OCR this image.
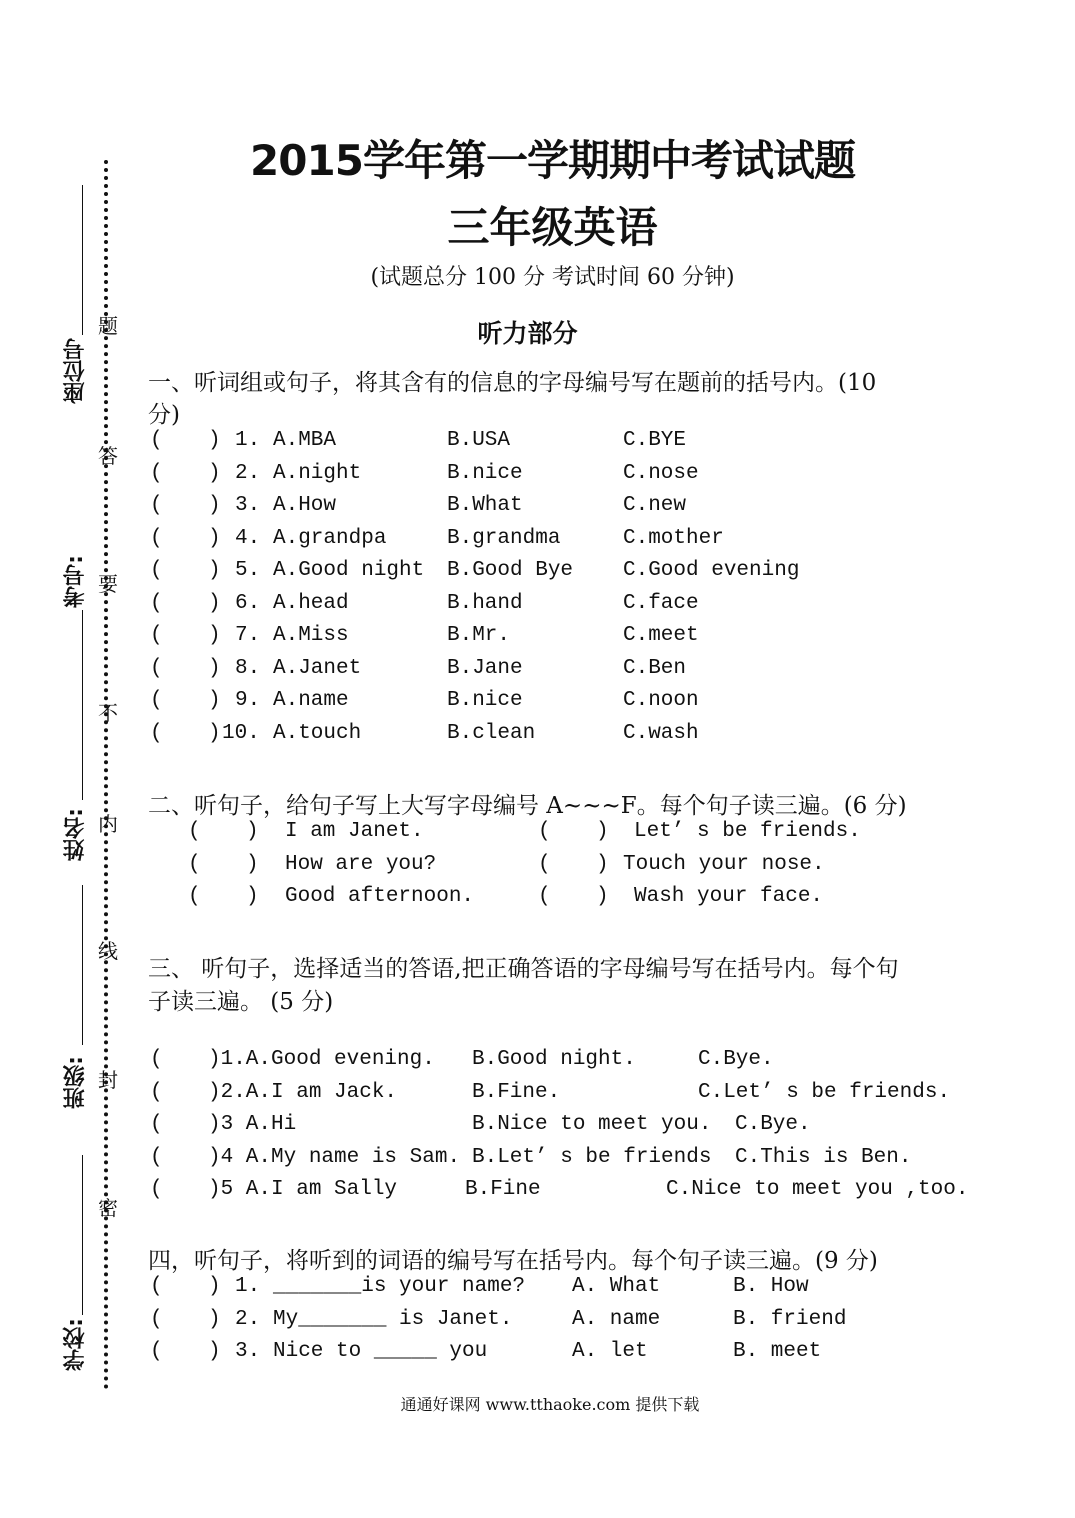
2015学年第一学期期中考试试题
三年级英语
(试题总分 100 分 考试时间 60 分钟)
听力部分
座位号
考号:
姓名:
班级:
学校:
题
答
要
不
内
线
封
密
一、听词组或句子，将其含有的信息的字母编号写在题前的括号内。(10
分)
( ) 1. A.MBA	B.USA	C.BYE
( ) 2. A.night	B.nice	C.nose
( ) 3. A.How	B.What	C.new
( ) 4. A.grandpa	B.grandma	C.mother
( ) 5. A.Good night B.Good Bye C.Good evening
( ) 6. A.head	B.hand	C.face
( ) 7. A.Miss	B.Mr.	C.meet
( ) 8. A.Janet	B.Jane	C.Ben
( ) 9. A.name	B.nice	C.noon
( ) 10. A.touch	B.clean	C.wash
二、听句子，给句子写上大写字母编号 A~~~F。每个句子读三遍。(6 分)
( ) I am Janet.	( ) Let’ s be friends.
( ) How are you?	( ) Touch your nose.
( ) Good afternoon.	( ) Wash your face.
三、 听句子，选择适当的答语,把正确答语的字母编号写在括号内。每个句
子读三遍。 (5 分)
( )1.A.Good evening. B.Good night.	C.Bye.
( )2.A.I am Jack.	B.Fine.	C.Let’ s be friends.
( )3 A.Hi	B.Nice to meet you. C.Bye.
( )4 A.My name is Sam. B.Let’ s be friends C.This is Ben.
( )5 A.I am Sally	B.Fine	C.Nice to meet you ,too.
四，听句子，将听到的词语的编号写在括号内。每个句子读三遍。(9 分)
( ) 1. _______is your name? A. What	B. How
( ) 2. My_______ is Janet.	A. name	B. friend
( ) 3. Nice to _____ you	A. let	B. meet
通通好课网 www.tthaoke.com 提供下载
